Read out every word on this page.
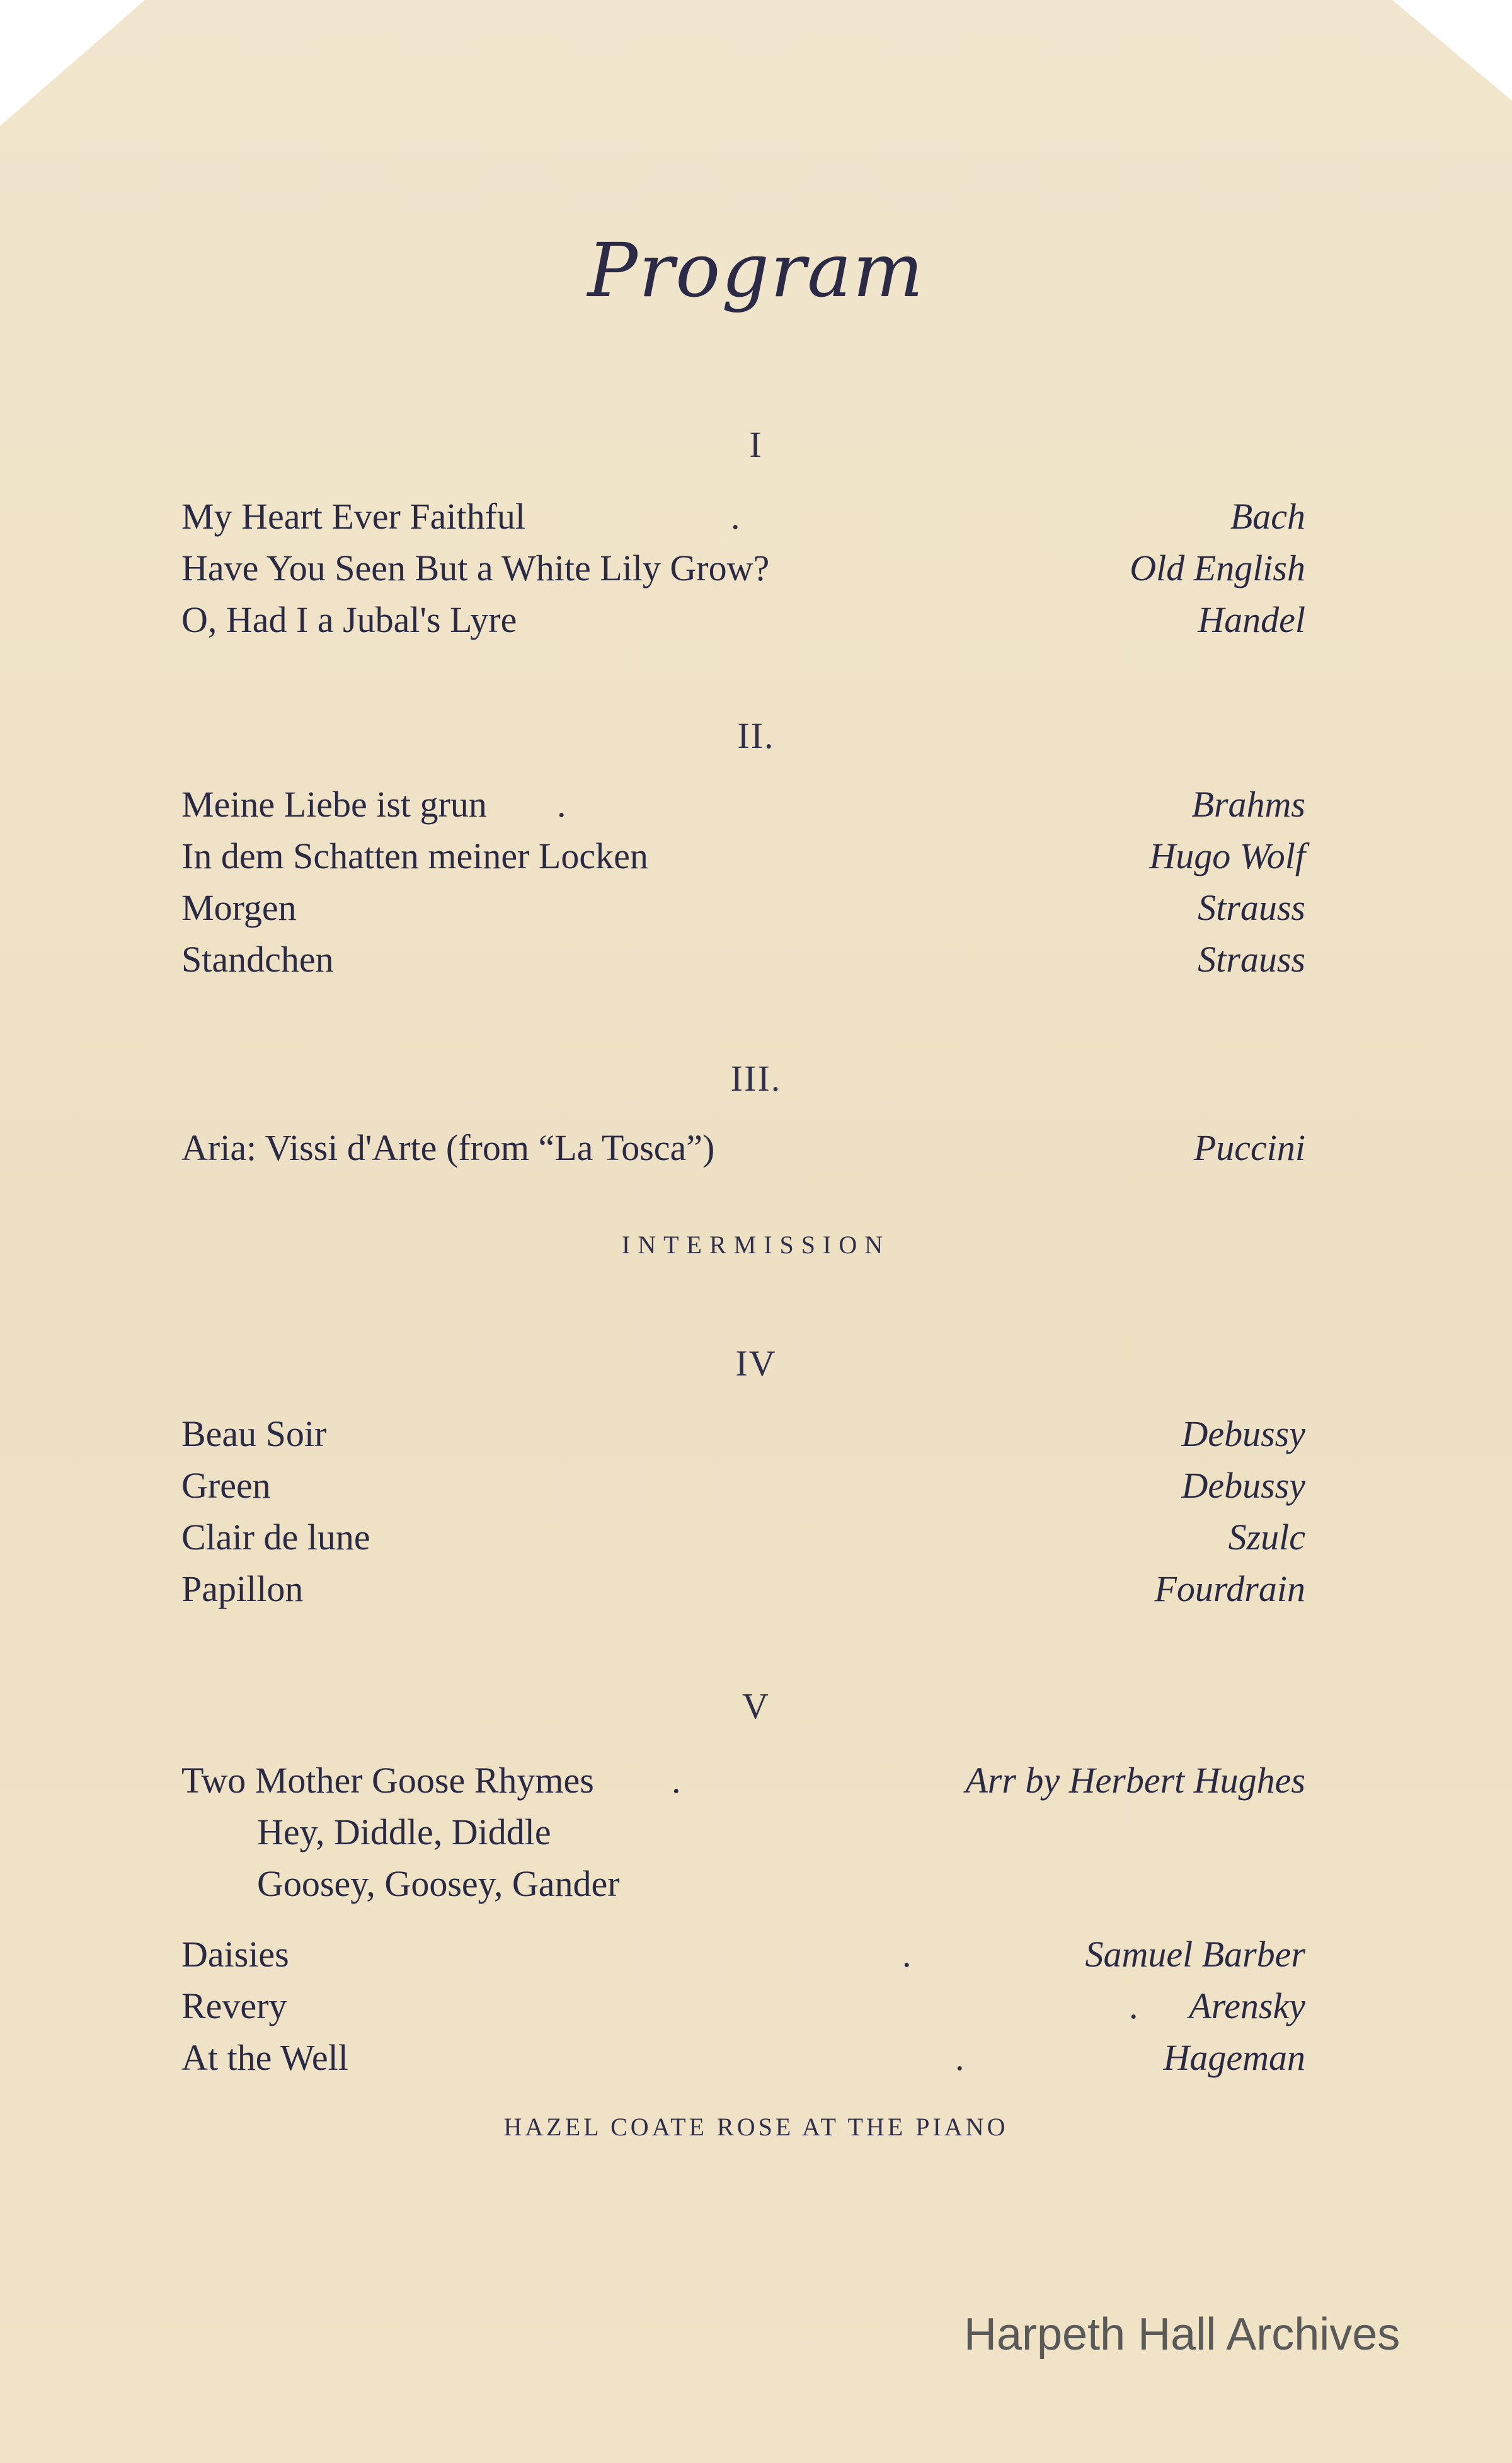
Program
I
My Heart Ever Faithful	Bach
.
Have You Seen But a White Lily Grow?	Old English
O, Had I a Jubal's Lyre	Handel
II.
Meine Liebe ist grun	Brahms
.
In dem Schatten meiner Locken	Hugo Wolf
Morgen	Strauss
Standchen	Strauss
III.
Aria: Vissi d'Arte (from “La Tosca”)	Puccini
INTERMISSION
IV
Beau Soir	Debussy
Green	Debussy
Clair de lune	Szulc
Papillon	Fourdrain
V
Two Mother Goose Rhymes	Arr by Herbert Hughes
.
Hey, Diddle, Diddle
Goosey, Goosey, Gander
Daisies	Samuel Barber
.
Revery	Arensky
.
At the Well	Hageman
.
HAZEL COATE ROSE AT THE PIANO
Harpeth Hall Archives
